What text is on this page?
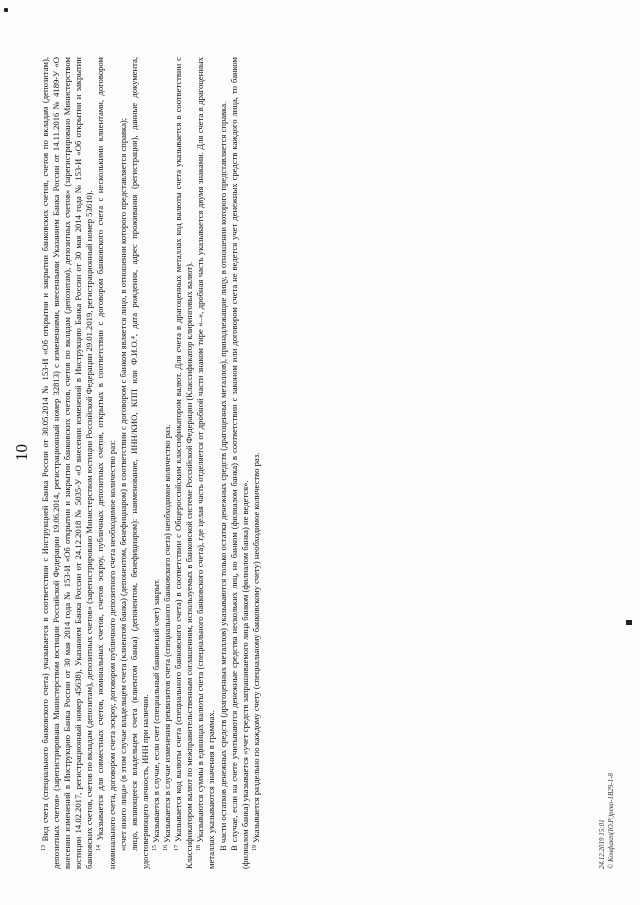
10

$^{13}$ Вид счета (специального банковского счета) указывается в соответствии с Инструкцией Банка России от 30.05.2014 № 153-И «Об открытии и закрытии банковских счетов, счетов по вкладам (депозитам), депозитных счетов» (зарегистрирована Министерством юстиции Российской Федерации 19.06.2014, регистрационный номер 32813) с изменениями, внесенными Указанием Банка России от 14.11.2016 № 4189-У «О внесении изменений в Инструкцию Банка России от 30 мая 2014 года № 153-И «Об открытии и закрытии банковских счетов, счетов по вкладам (депозитам), депозитных счетов» (зарегистрировано Министерством юстиции 14.02.2017, регистрационный номер 45638), Указанием Банка России от 24.12.2018 № 5035-У «О внесении изменений в Инструкцию Банка России от 30 мая 2014 года № 153-И «Об открытии и закрытии банковских счетов, счетов по вкладам (депозитам), депозитных счетов» (зарегистрировано Министерством юстиции Российской Федерации 29.01.2019, регистрационный номер 53610). $^{14}$ Указывается для совместных счетов, номинальных счетов, счетов эскроу, публичных депозитных счетов, открытых в соответствии с договором банковского счета с несколькими клиентами, договором номинального счета, договором счета эскроу, договором публичного депозитного счета необходимое количество раз: «счет иного лица» (в этом случае владельцем счета (клиентом банка) (депонентом, бенефициаром) в соответствии с договором с банком является лицо, в отношении которого представляется справка); лицо, являющееся владельцем счета (клиентом банка) (депонентом, бенефициаром): наименование, ИНН/КИО, КПП или Ф.И.О.⁴, дата рождения, адрес проживания (регистрации), данные документа, удостоверяющего личность, ИНН при наличии. $^{15}$ Указывается в случае, если счет (специальный банковский счет) закрыт.

$^{16}$ Указывается в случае изменения реквизитов счета (специального банковского счета) необходимое количество раз.

$^{17}$ Указывается код валюты счета (специального банковского счета) в соответствии с Общероссийским классификатором валют. Для счета в драгоценных металлах код валюты счета указывается в соответствии с Классификатором валют по межправительственным соглашениям, используемых в банковской системе Российской Федерации (Классификатор клиринговых валют). $^{18}$ Указываются суммы в единицах валюты счета (специального банковского счета), где целая часть отделяется от дробной части знаком тире «–», дробная часть указывается двумя знаками. Для счета в драгоценных металлах указываются значения в граммах. В части остатков денежных средств (драгоценных металлов) указываются только остатки денежных средств (драгоценных металлов), принадлежащие лицу, в отношении которого представляется справка. В случае, если на счете учитываются денежные средства нескольких лиц, но банком (филиалом банка) в соответствии с законом или договором счета не ведется учет денежных средств каждого лица, то банком (филиалом банка) указывается «учет средств запрашиваемого лица банком (филиалом банка) не ведется». $^{19}$ Указывается раздельно по каждому счету (специальному банковскому счету) необходимое количество раз.

24.12.2019 15:01 © Конфакт(Ю.Р.)рево-1В29-1-8
